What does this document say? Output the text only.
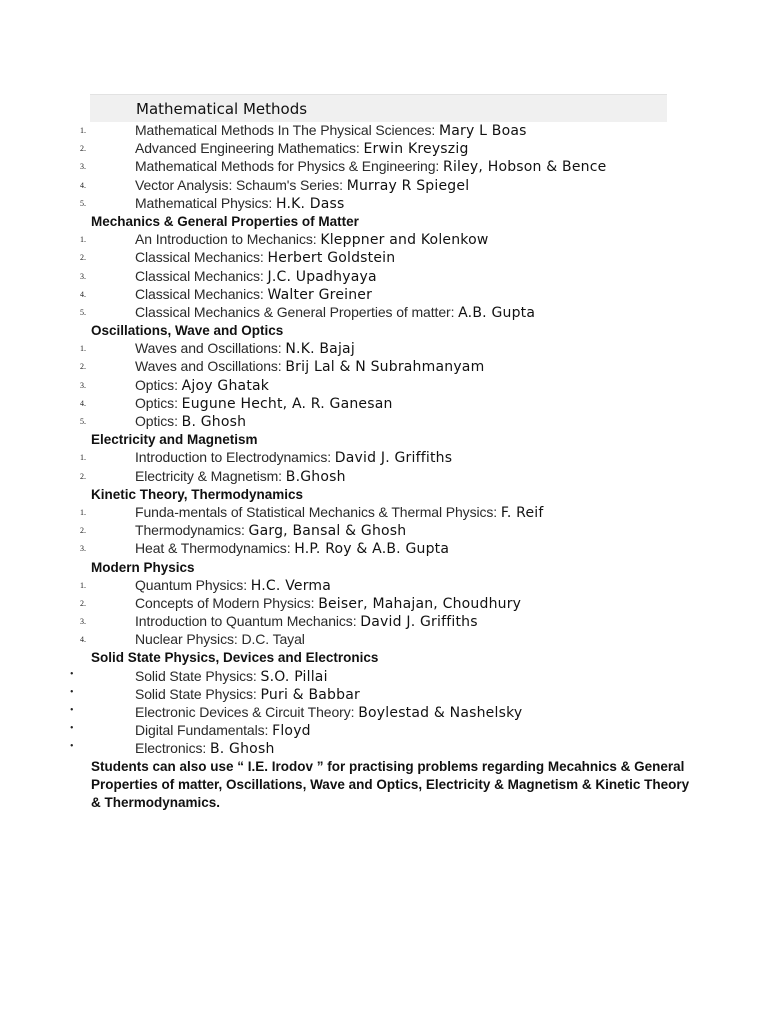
Mathematical Methods
1.	Mathematical Methods In The Physical Sciences: Mary L Boas
2.	Advanced Engineering Mathematics: Erwin Kreyszig
3.	Mathematical Methods for Physics & Engineering: Riley, Hobson & Bence
4.	Vector Analysis: Schaum's Series: Murray R Spiegel
5.	Mathematical Physics: H.K. Dass
Mechanics & General Properties of Matter
1.	An Introduction to Mechanics: Kleppner and Kolenkow
2.	Classical Mechanics: Herbert Goldstein
3.	Classical Mechanics: J.C. Upadhyaya
4.	Classical Mechanics: Walter Greiner
5.	Classical Mechanics & General Properties of matter: A.B. Gupta
Oscillations, Wave and Optics
1.	Waves and Oscillations: N.K. Bajaj
2.	Waves and Oscillations: Brij Lal & N Subrahmanyam
3.	Optics: Ajoy Ghatak
4.	Optics: Eugune Hecht, A. R. Ganesan
5.	Optics: B. Ghosh
Electricity and Magnetism
1.	Introduction to Electrodynamics: David J. Griffiths
2.	Electricity & Magnetism: B.Ghosh
Kinetic Theory, Thermodynamics
1.	Funda-mentals of Statistical Mechanics & Thermal Physics: F. Reif
2.	Thermodynamics: Garg, Bansal & Ghosh
3.	Heat & Thermodynamics: H.P. Roy & A.B. Gupta
Modern Physics
1.	Quantum Physics: H.C. Verma
2.	Concepts of Modern Physics: Beiser, Mahajan, Choudhury
3.	Introduction to Quantum Mechanics: David J. Griffiths
4.	Nuclear Physics: D.C. Tayal
Solid State Physics, Devices and Electronics
•	Solid State Physics: S.O. Pillai
•	Solid State Physics: Puri & Babbar
•	Electronic Devices & Circuit Theory: Boylestad & Nashelsky
•	Digital Fundamentals: Floyd
•	Electronics: B. Ghosh
Students can also use “ I.E. Irodov ” for practising problems regarding Mecahnics & General Properties of matter, Oscillations, Wave and Optics, Electricity & Magnetism & Kinetic Theory & Thermodynamics.
